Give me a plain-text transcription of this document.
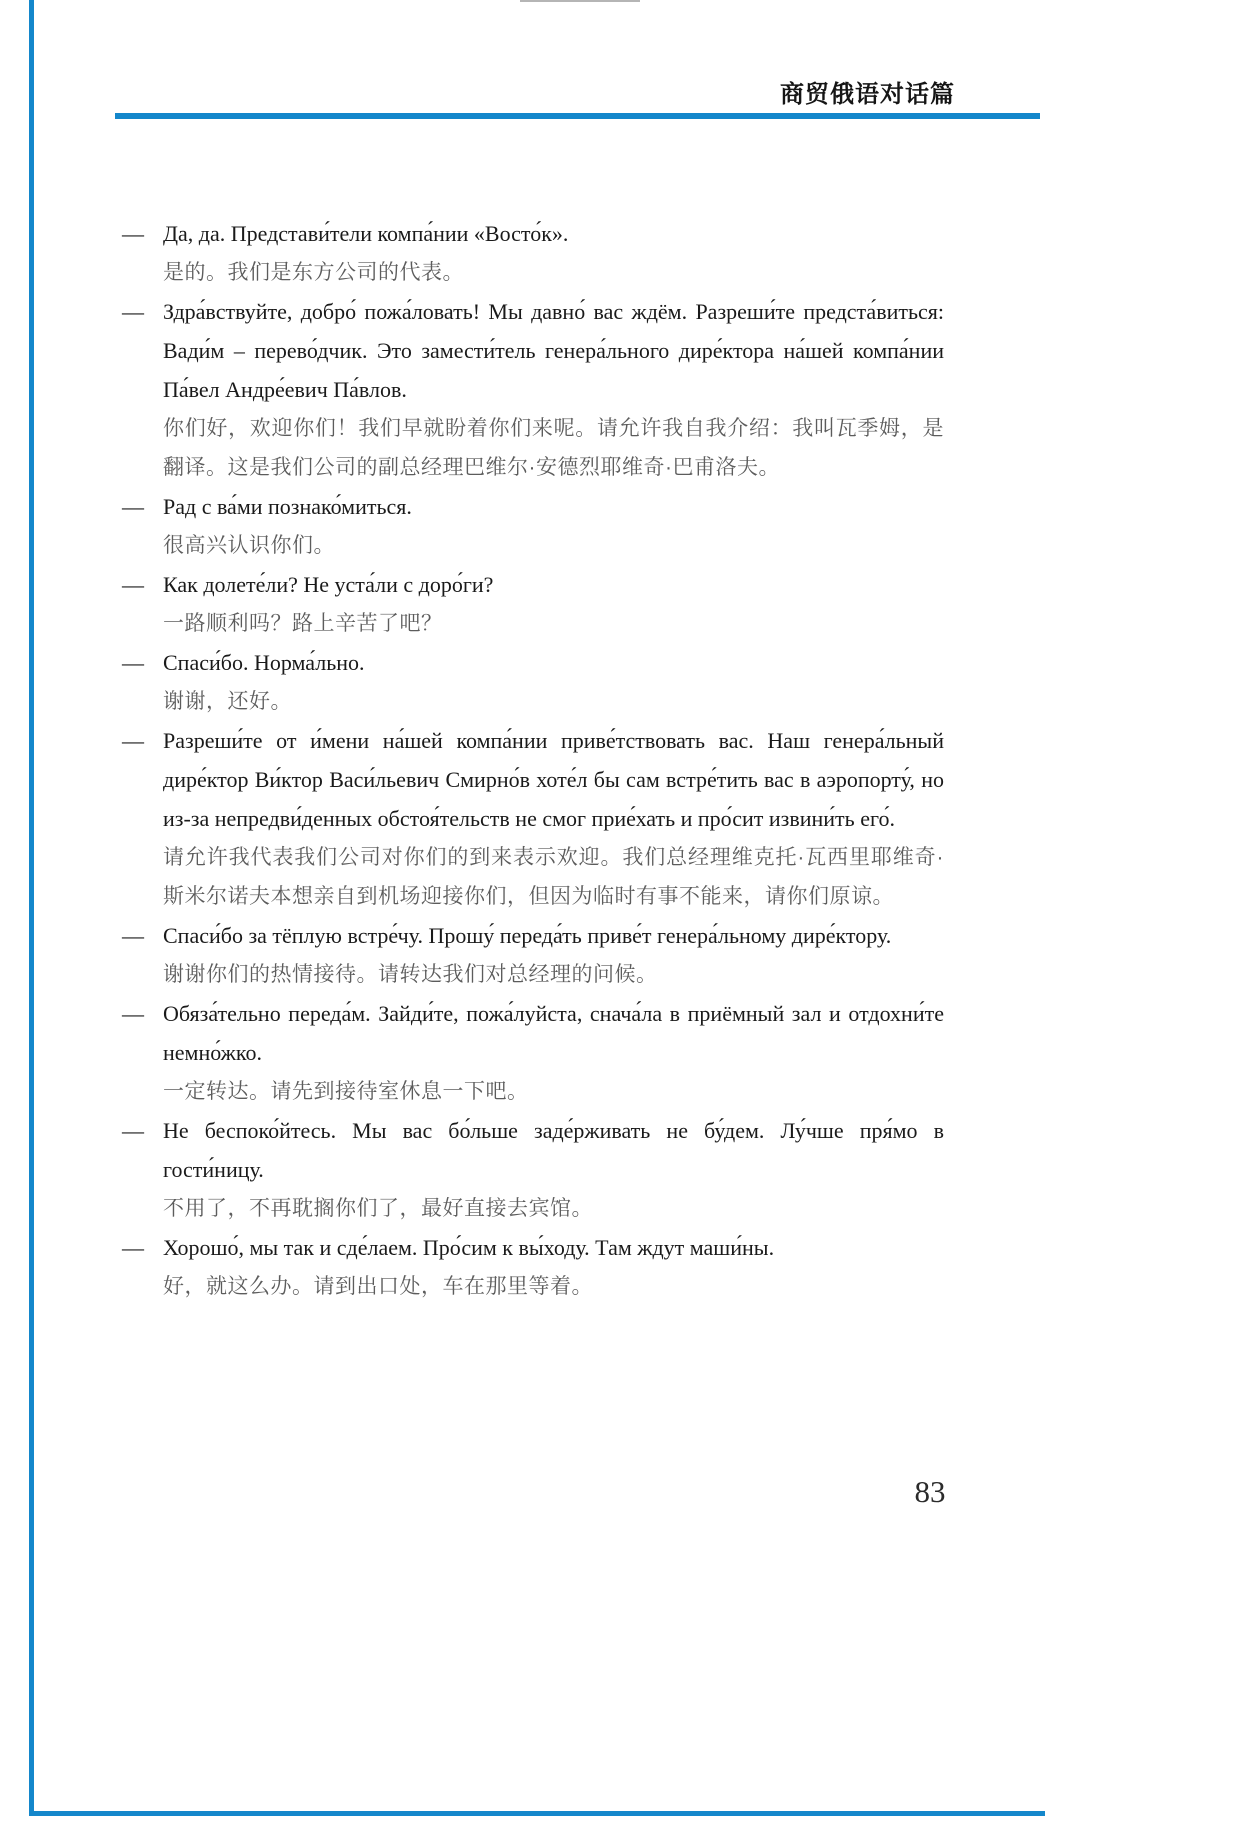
商贸俄语对话篇
— Да, да. Представи́тели компа́нии «Восто́к».

是的。我们是东方公司的代表。

— Здра́вствуйте, добро́ пожа́ловать! Мы давно́ вас ждём. Разреши́те предста́виться: Вади́м – перево́дчик. Это замести́тель генера́льного дире́ктора на́шей компа́нии Па́вел Андре́евич Па́влов.

你们好，欢迎你们！我们早就盼着你们来呢。请允许我自我介绍：我叫瓦季姆，是翻译。这是我们公司的副总经理巴维尔·安德烈耶维奇·巴甫洛夫。

— Рад с ва́ми познако́миться.

很高兴认识你们。

— Как долете́ли? Не уста́ли с доро́ги?

一路顺利吗？路上辛苦了吧？

— Спаси́бо. Норма́льно.

谢谢，还好。

— Разреши́те от и́мени на́шей компа́нии приве́тствовать вас. Наш генера́льный дире́ктор Ви́ктор Васи́льевич Смирно́в хоте́л бы сам встре́тить вас в аэропорту́, но из-за непредви́денных обстоя́тельств не смог прие́хать и про́сит извини́ть его́.

请允许我代表我们公司对你们的到来表示欢迎。我们总经理维克托·瓦西里耶维奇·斯米尔诺夫本想亲自到机场迎接你们，但因为临时有事不能来，请你们原谅。

— Спаси́бо за тёплую встре́чу. Прошу́ переда́ть приве́т генера́льному дире́ктору.

谢谢你们的热情接待。请转达我们对总经理的问候。

— Обяза́тельно переда́м. Зайди́те, пожа́луйста, снача́ла в приёмный зал и отдохни́те немно́жко.

一定转达。请先到接待室休息一下吧。

— Не беспоко́йтесь. Мы вас бо́льше заде́рживать не бу́дем. Лу́чше пря́мо в гости́ницу.

不用了，不再耽搁你们了，最好直接去宾馆。

— Хорошо́, мы так и сде́лаем. Про́сим к вы́ходу. Там ждут маши́ны.

好，就这么办。请到出口处，车在那里等着。

83
